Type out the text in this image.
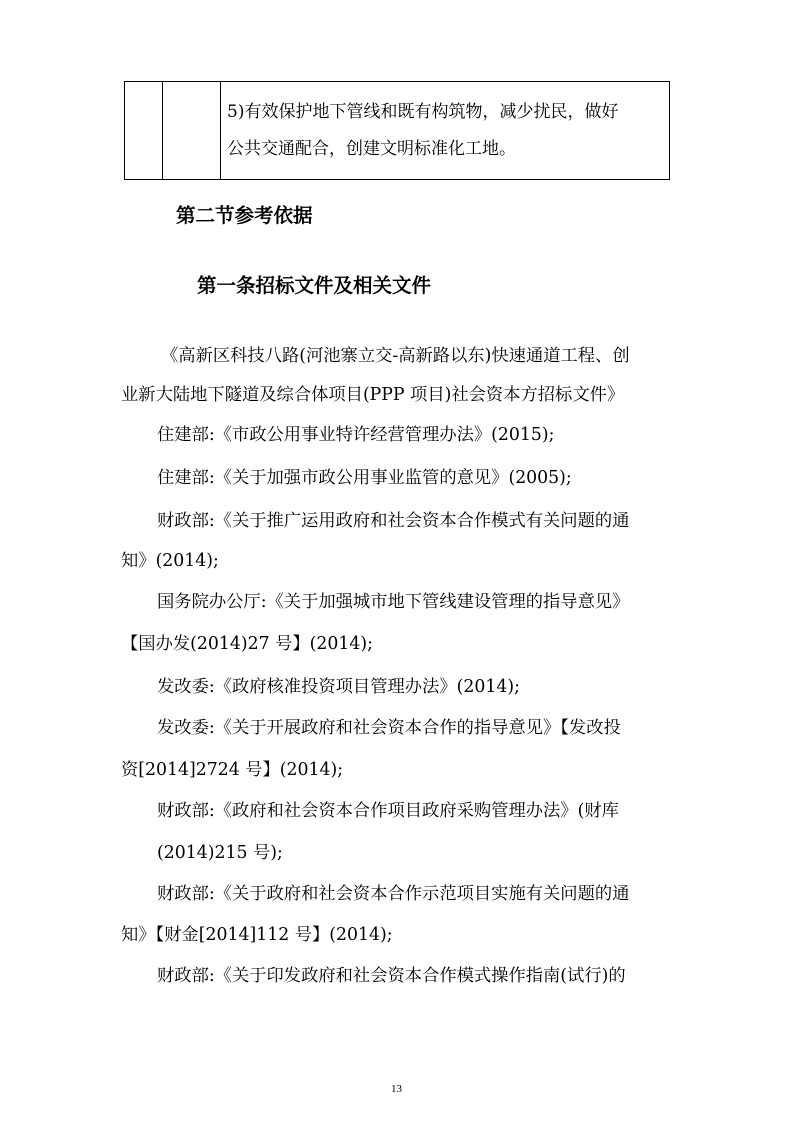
5)有效保护地下管线和既有构筑物，减少扰民，做好
公共交通配合，创建文明标准化工地。
第二节参考依据
第一条招标文件及相关文件
《高新区科技八路(河池寨立交-高新路以东)快速通道工程、创
业新大陆地下隧道及综合体项目(PPP 项目)社会资本方招标文件》
住建部:《市政公用事业特许经营管理办法》(2015);
住建部:《关于加强市政公用事业监管的意见》(2005);
财政部:《关于推广运用政府和社会资本合作模式有关问题的通
知》(2014);
国务院办公厅:《关于加强城市地下管线建设管理的指导意见》
【国办发(2014)27 号】(2014);
发改委:《政府核准投资项目管理办法》(2014);
发改委:《关于开展政府和社会资本合作的指导意见》【发改投
资[2014]2724 号】(2014);
财政部:《政府和社会资本合作项目政府采购管理办法》(财库
(2014)215 号);
财政部:《关于政府和社会资本合作示范项目实施有关问题的通
知》【财金[2014]112 号】(2014);
财政部:《关于印发政府和社会资本合作模式操作指南(试行)的
13
